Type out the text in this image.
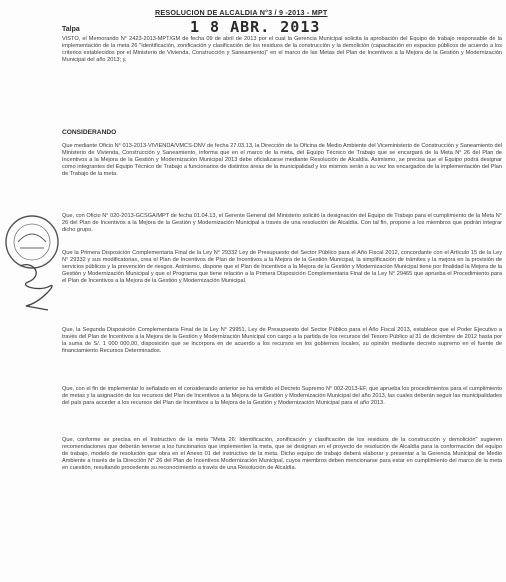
RESOLUCION DE ALCALDIA N°3 / 9 -2013 - MPT
Talpa	1 8 ABR. 2013
VISTO, el Memorando N° 2423-2013-MPT/GM de fecha 09 de abril de 2013 por el cual la Gerencia Municipal solicita la aprobación del Equipo de trabajo responsable de la implementación de la meta 26 "Identificación, zonificación y clasificación de los residuos de la construcción y la demolición (capacitación en espacios públicos de acuerdo a los criterios establecidos por el Ministerio de Vivienda, Construcción y Saneamiento)" en el marco de las Metas del Plan de Incentivos a la Mejora de la Gestión y Modernización Municipal del año 2013; y,
CONSIDERANDO
Que mediante Oficio N° 013-2013-VIVIENDA/VMCS-DNV de fecha 27.03.13, la Dirección de la Oficina de Medio Ambiente del Viceministerio de Construcción y Saneamiento del Ministerio de Vivienda, Construcción y Saneamiento, informa que en el marco de la meta, del Equipo Técnico de Trabajo que se encargará de la Meta N° 26 del Plan de Incentivos a la Mejora de la Gestión y Modernización Municipal 2013 debe oficializarse mediante Resolución de Alcaldía. Asimismo, se precisa que el Equipo podrá designar como integrantes del Equipo Técnico de Trabajo a funcionarios de distintos áreas de la municipalidad y los mismos serán a su vez los encargados de la implementación del Plan de Trabajo de la meta.
Que, con Oficio N° 020-2013-GCSGA/MPT de fecha 01.04.13, el Gerente General del Ministerio solicitó la designación del Equipo de Trabajo para el cumplimiento de la Meta N° 26 del Plan de Incentivos a la Mejora de la Gestión y Modernización Municipal a través de una resolución de Alcaldía. Con tal fin, propone a los miembros que podrán integrar dicho grupo.
Que la Primera Disposición Complementaria Final de la Ley N° 29332 Ley de Presupuesto del Sector Público para el Año Fiscal 2012, concordante con el Artículo 15 de la Ley N° 29332 y sus modificatorias, crea el Plan de Incentivos de Plan de Incentivos a la Mejora de la Gestión Municipal, la simplificación de trámites y la mejora en la provisión de servicios públicos y la prevención de riesgos. Asimismo, dispone que el Plan de Incentivos a la Mejora de la Gestión y Modernización Municipal tiene por finalidad la Mejora de la Gestión y Modernización Municipal y que el Programa que tiene relación a la Primera Disposición Complementaria Final de la Ley N° 29465 que aprueba el Procedimiento para el Plan de Incentivos a la Mejora de la Gestión y Modernización Municipal.
Que, la Segunda Disposición Complementaria Final de la Ley N° 29951, Ley de Presupuesto del Sector Público para el Año Fiscal 2013, establece que el Poder Ejecutivo a través del Plan de Incentivos a la Mejora de la Gestión y Modernización Municipal con cargo a la partida de los recursos del Tesoro Público al 31 de diciembre de 2012 hasta por la suma de S/. 1 000 000,00, disposición que se incorpora en de acuerdo a los recursos en los gobiernos locales, su opinión mediante decreto supremo en el fuente de financiamiento Recursos Determinados.
Que, con el fin de implementar lo señalado en el considerando anterior se ha emitido el Decreto Supremo N° 002-2013-EF, que aprueba los procedimientos para el cumplimiento de metas y la asignación de los recursos del Plan de Incentivos a la Mejora de la Gestión y Modernización Municipal del año 2013, las cuales deberán seguir las municipalidades del país para acceder a los recursos del Plan de Incentivos a la Mejora de la Gestión y Modernización Municipal para el año 2013.
Que, conforme se precisa en el Instructivo de la meta "Meta 26: Identificación, zonificación y clasificación de los residuos de la construcción y demolición" sugieren recomendaciones que deberán tenerse a los funcionarios que implementen la meta, que se designan en el proyecto de resolución de Alcaldía para la conformación del equipo de trabajo, modelo de resolución que obra en el Anexo 01 del instructivo de la meta. Dicho equipo de trabajo deberá elaborar y presentar a la Gerencia Municipal de Medio Ambiente a través de la Dirección N° 26 del Plan de Incentivos Modernización Municipal, cuyos miembros deben mencionarse para estar en cumplimiento del marco de la meta en cuestión, resultando procedente su reconocimiento a través de una Resolución de Alcaldía.
